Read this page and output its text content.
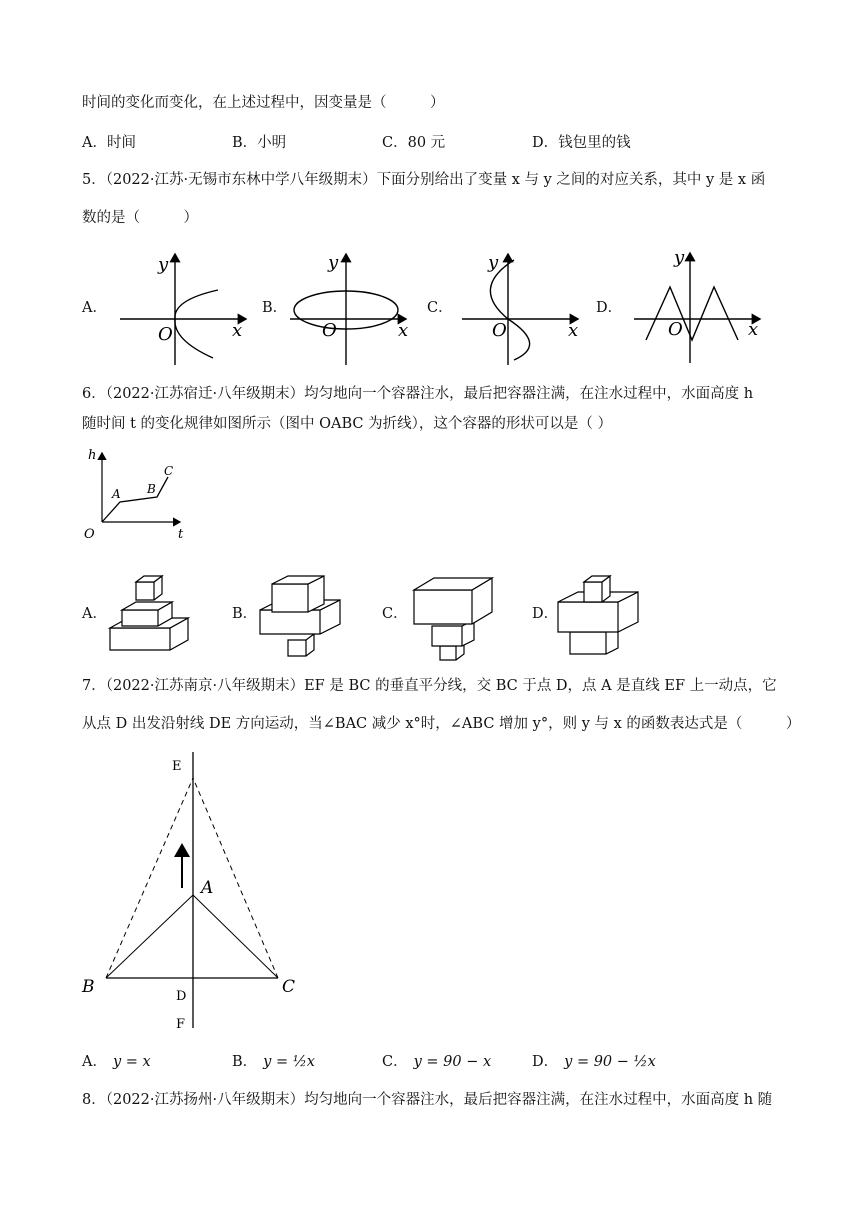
时间的变化而变化，在上述过程中，因变量是（　　　）
A．时间	B．小明	C．80 元	D．钱包里的钱
5．（2022·江苏·无锡市东林中学八年级期末）下面分别给出了变量 x 与 y 之间的对应关系，其中 y 是 x 函
数的是（　　　）
A．	B．	C．	D．
y
O	x
y
O	x
y
O	x
y
O	x
6．（2022·江苏宿迁·八年级期末）均匀地向一个容器注水，最后把容器注满，在注水过程中，水面高度 h
随时间 t 的变化规律如图所示（图中 OABC 为折线），这个容器的形状可以是（ ）
h
O	t
A B
C
A．	B．	C．	D．
7．（2022·江苏南京·八年级期末）EF 是 BC 的垂直平分线，交 BC 于点 D，点 A 是直线 EF 上一动点，它
从点 D 出发沿射线 DE 方向运动，当∠BAC 减少 x°时，∠ABC 增加 y°，则 y 与 x 的函数表达式是（　　　）
E
A
B	C
D
F
A． y = x	B． y = ½x	C． y = 90 − x	D． y = 90 − ½x
8．（2022·江苏扬州·八年级期末）均匀地向一个容器注水，最后把容器注满，在注水过程中，水面高度 h 随
